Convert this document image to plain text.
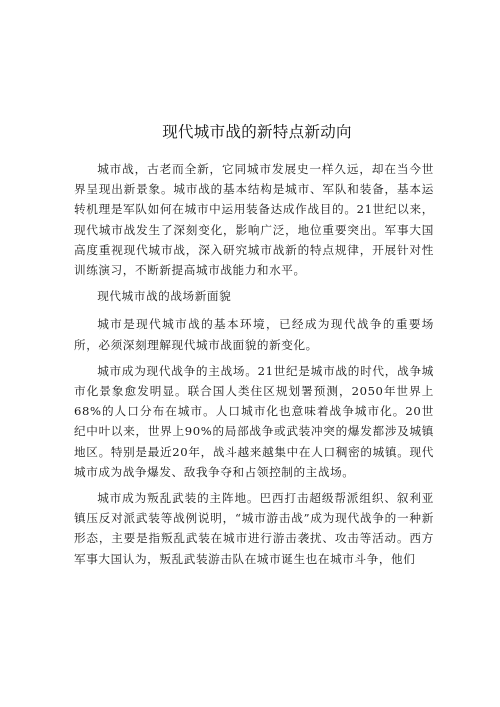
现代城市战的新特点新动向

城市战，古老而全新，它同城市发展史一样久远，却在当今世界呈现出新景象。城市战的基本结构是城市、军队和装备，基本运转机理是军队如何在城市中运用装备达成作战目的。21世纪以来，现代城市战发生了深刻变化，影响广泛，地位重要突出。军事大国高度重视现代城市战，深入研究城市战新的特点规律，开展针对性训练演习，不断新提高城市战能力和水平。

现代城市战的战场新面貌

城市是现代城市战的基本环境，已经成为现代战争的重要场所，必须深刻理解现代城市战面貌的新变化。

城市成为现代战争的主战场。21世纪是城市战的时代，战争城市化景象愈发明显。联合国人类住区规划署预测，2050年世界上68%的人口分布在城市。人口城市化也意味着战争城市化。20世纪中叶以来，世界上90%的局部战争或武装冲突的爆发都涉及城镇地区。特别是最近20年，战斗越来越集中在人口稠密的城镇。现代城市成为战争爆发、敌我争夺和占领控制的主战场。

城市成为叛乱武装的主阵地。巴西打击超级帮派组织、叙利亚镇压反对派武装等战例说明，“城市游击战”成为现代战争的一种新形态，主要是指叛乱武装在城市进行游击袭扰、攻击等活动。西方军事大国认为，叛乱武装游击队在城市诞生也在城市斗争，他们
